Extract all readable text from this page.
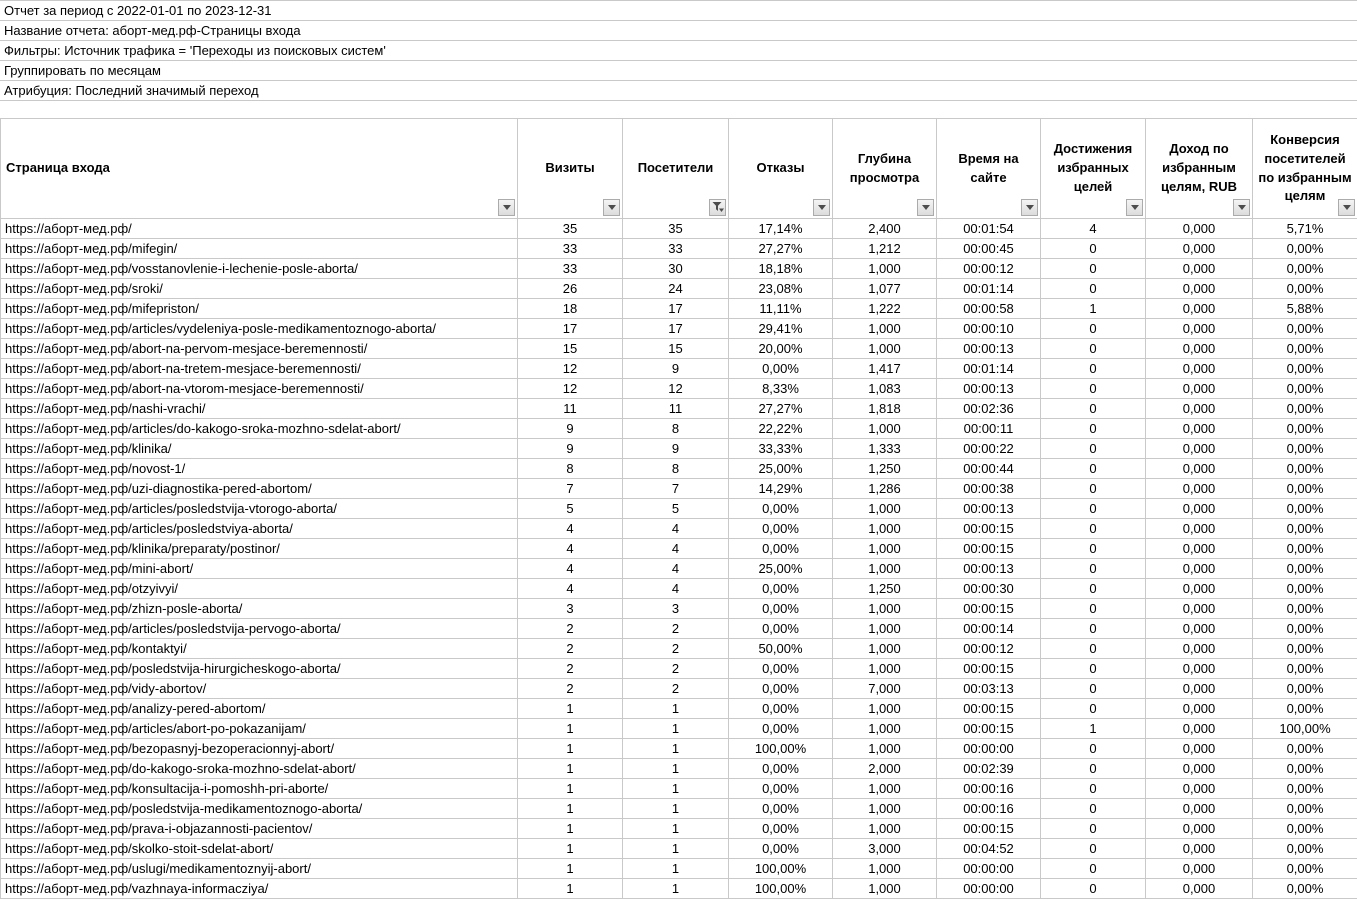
Отчет за период с 2022-01-01 по 2023-12-31
Название отчета: аборт-мед.рф-Страницы входа
Фильтры: Источник трафика = 'Переходы из поисковых систем'
Группировать по месяцам
Атрибуция: Последний значимый переход
Страница входа	Визиты	Посетители	Отказы	Глубина просмотра	Время на сайте	Достижения избранных целей	Доход по избранным целям, RUB	Конверсия посетителей по избранным целям

https://аборт-мед.рф/	35	35	17,14%	2,400	00:01:54	4	0,000	5,71%
https://аборт-мед.рф/mifegin/	33	33	27,27%	1,212	00:00:45	0	0,000	0,00%
https://аборт-мед.рф/vosstanovlenie-i-lechenie-posle-aborta/	33	30	18,18%	1,000	00:00:12	0	0,000	0,00%
https://аборт-мед.рф/sroki/	26	24	23,08%	1,077	00:01:14	0	0,000	0,00%
https://аборт-мед.рф/mifepriston/	18	17	11,11%	1,222	00:00:58	1	0,000	5,88%
https://аборт-мед.рф/articles/vydeleniya-posle-medikamentoznogo-aborta/	17	17	29,41%	1,000	00:00:10	0	0,000	0,00%
https://аборт-мед.рф/abort-na-pervom-mesjace-beremennosti/	15	15	20,00%	1,000	00:00:13	0	0,000	0,00%
https://аборт-мед.рф/abort-na-tretem-mesjace-beremennosti/	12	9	0,00%	1,417	00:01:14	0	0,000	0,00%
https://аборт-мед.рф/abort-na-vtorom-mesjace-beremennosti/	12	12	8,33%	1,083	00:00:13	0	0,000	0,00%
https://аборт-мед.рф/nashi-vrachi/	11	11	27,27%	1,818	00:02:36	0	0,000	0,00%
https://аборт-мед.рф/articles/do-kakogo-sroka-mozhno-sdelat-abort/	9	8	22,22%	1,000	00:00:11	0	0,000	0,00%
https://аборт-мед.рф/klinika/	9	9	33,33%	1,333	00:00:22	0	0,000	0,00%
https://аборт-мед.рф/novost-1/	8	8	25,00%	1,250	00:00:44	0	0,000	0,00%
https://аборт-мед.рф/uzi-diagnostika-pered-abortom/	7	7	14,29%	1,286	00:00:38	0	0,000	0,00%
https://аборт-мед.рф/articles/posledstvija-vtorogo-aborta/	5	5	0,00%	1,000	00:00:13	0	0,000	0,00%
https://аборт-мед.рф/articles/posledstviya-aborta/	4	4	0,00%	1,000	00:00:15	0	0,000	0,00%
https://аборт-мед.рф/klinika/preparaty/postinor/	4	4	0,00%	1,000	00:00:15	0	0,000	0,00%
https://аборт-мед.рф/mini-abort/	4	4	25,00%	1,000	00:00:13	0	0,000	0,00%
https://аборт-мед.рф/otzyivyi/	4	4	0,00%	1,250	00:00:30	0	0,000	0,00%
https://аборт-мед.рф/zhizn-posle-aborta/	3	3	0,00%	1,000	00:00:15	0	0,000	0,00%
https://аборт-мед.рф/articles/posledstvija-pervogo-aborta/	2	2	0,00%	1,000	00:00:14	0	0,000	0,00%
https://аборт-мед.рф/kontaktyi/	2	2	50,00%	1,000	00:00:12	0	0,000	0,00%
https://аборт-мед.рф/posledstvija-hirurgicheskogo-aborta/	2	2	0,00%	1,000	00:00:15	0	0,000	0,00%
https://аборт-мед.рф/vidy-abortov/	2	2	0,00%	7,000	00:03:13	0	0,000	0,00%
https://аборт-мед.рф/analizy-pered-abortom/	1	1	0,00%	1,000	00:00:15	0	0,000	0,00%
https://аборт-мед.рф/articles/abort-po-pokazanijam/	1	1	0,00%	1,000	00:00:15	1	0,000	100,00%
https://аборт-мед.рф/bezopasnyj-bezoperacionnyj-abort/	1	1	100,00%	1,000	00:00:00	0	0,000	0,00%
https://аборт-мед.рф/do-kakogo-sroka-mozhno-sdelat-abort/	1	1	0,00%	2,000	00:02:39	0	0,000	0,00%
https://аборт-мед.рф/konsultacija-i-pomoshh-pri-aborte/	1	1	0,00%	1,000	00:00:16	0	0,000	0,00%
https://аборт-мед.рф/posledstvija-medikamentoznogo-aborta/	1	1	0,00%	1,000	00:00:16	0	0,000	0,00%
https://аборт-мед.рф/prava-i-objazannosti-pacientov/	1	1	0,00%	1,000	00:00:15	0	0,000	0,00%
https://аборт-мед.рф/skolko-stoit-sdelat-abort/	1	1	0,00%	3,000	00:04:52	0	0,000	0,00%
https://аборт-мед.рф/uslugi/medikamentoznyij-abort/	1	1	100,00%	1,000	00:00:00	0	0,000	0,00%
https://аборт-мед.рф/vazhnaya-informacziya/	1	1	100,00%	1,000	00:00:00	0	0,000	0,00%
